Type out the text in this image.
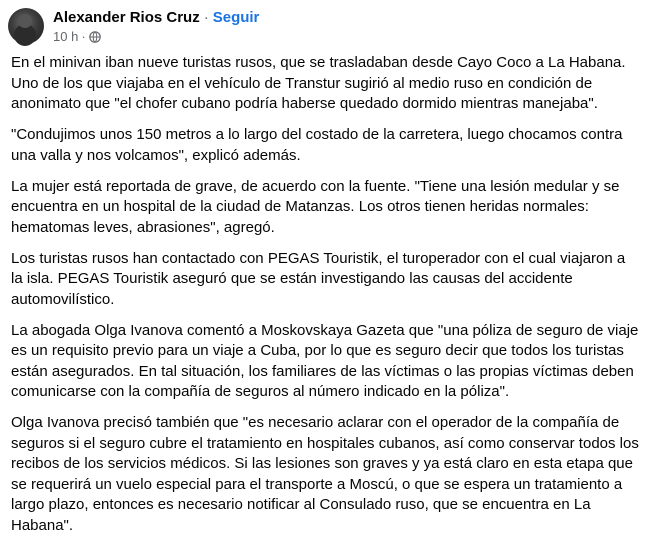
Alexander Rios Cruz · Seguir
10 h ·

En el minivan iban nueve turistas rusos, que se trasladaban desde Cayo Coco a La Habana. Uno de los que viajaba en el vehículo de Transtur sugirió al medio ruso en condición de anonimato que "el chofer cubano podría haberse quedado dormido mientras manejaba".

"Condujimos unos 150 metros a lo largo del costado de la carretera, luego chocamos contra una valla y nos volcamos", explicó además.

La mujer está reportada de grave, de acuerdo con la fuente. "Tiene una lesión medular y se encuentra en un hospital de la ciudad de Matanzas. Los otros tienen heridas normales: hematomas leves, abrasiones", agregó.

Los turistas rusos han contactado con PEGAS Touristik, el turoperador con el cual viajaron a la isla. PEGAS Touristik aseguró que se están investigando las causas del accidente automovilístico.

La abogada Olga Ivanova comentó a Moskovskaya Gazeta que "una póliza de seguro de viaje es un requisito previo para un viaje a Cuba, por lo que es seguro decir que todos los turistas están asegurados. En tal situación, los familiares de las víctimas o las propias víctimas deben comunicarse con la compañía de seguros al número indicado en la póliza".

Olga Ivanova precisó también que "es necesario aclarar con el operador de la compañía de seguros si el seguro cubre el tratamiento en hospitales cubanos, así como conservar todos los recibos de los servicios médicos. Si las lesiones son graves y ya está claro en esta etapa que se requerirá un vuelo especial para el transporte a Moscú, o que se espera un tratamiento a largo plazo, entonces es necesario notificar al Consulado ruso, que se encuentra en La Habana".
